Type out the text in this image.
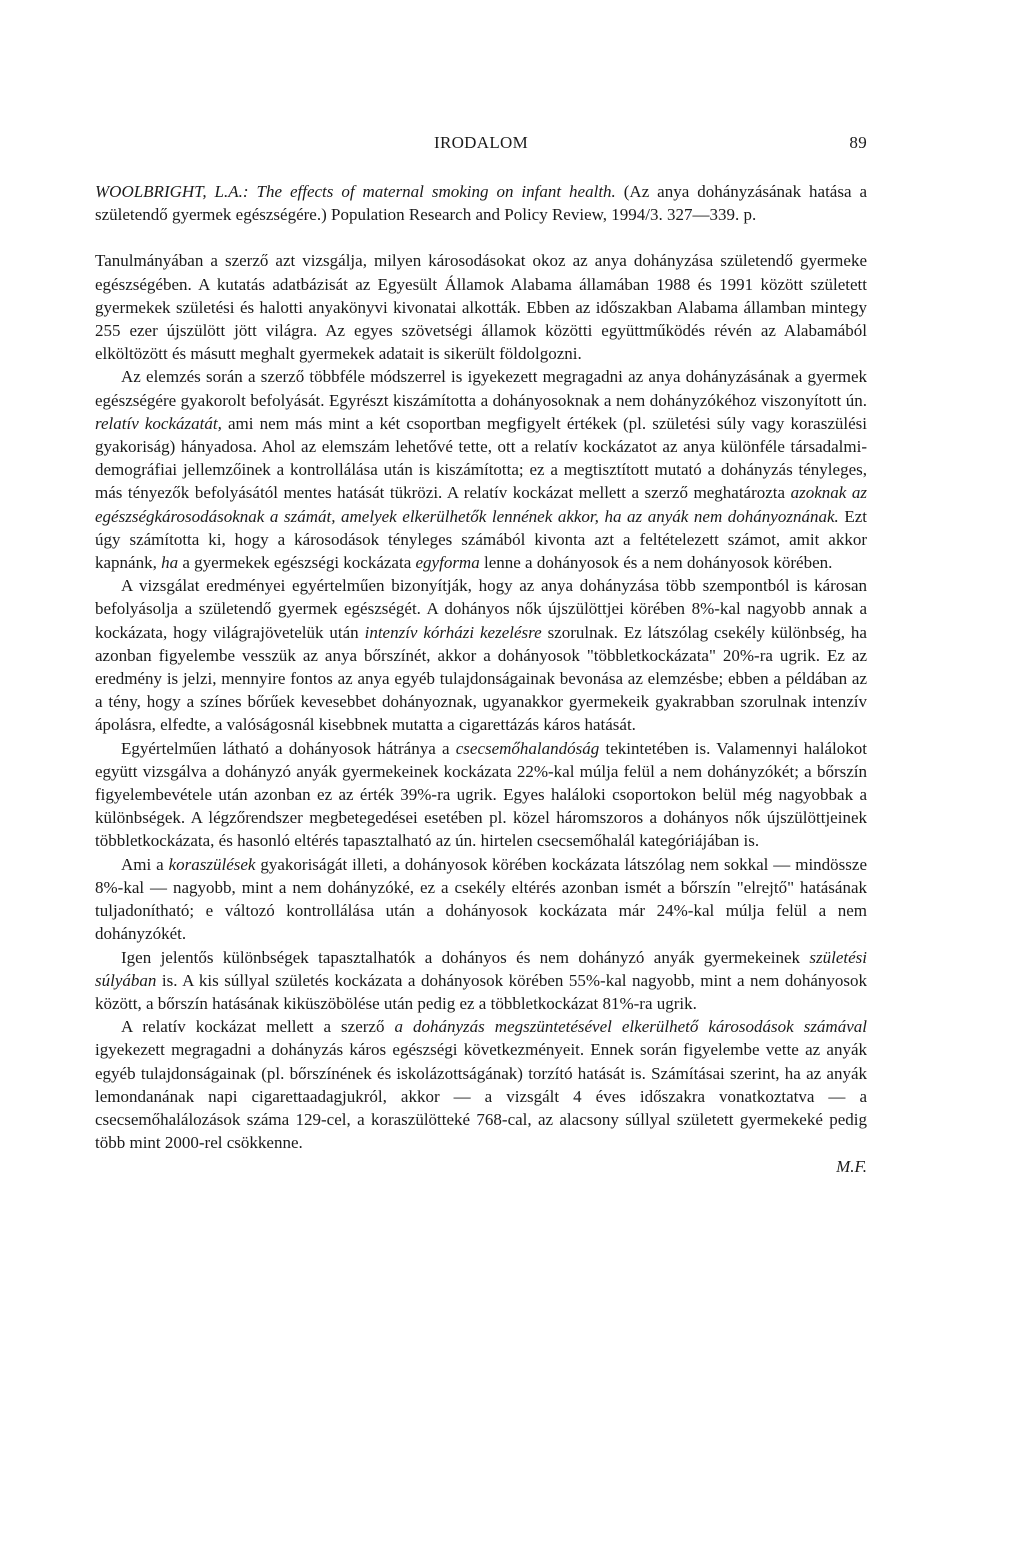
IRODALOM	89

WOOLBRIGHT, L.A.: The effects of maternal smoking on infant health. (Az anya dohányzásának hatása a születendő gyermek egészségére.) Population Research and Policy Review, 1994/3. 327—339. p.

Tanulmányában a szerző azt vizsgálja, milyen károsodásokat okoz az anya dohányzása születendő gyermeke egészségében. A kutatás adatbázisát az Egyesült Államok Alabama államában 1988 és 1991 között született gyermekek születési és halotti anyakönyvi kivonatai alkották. Ebben az időszakban Alabama államban mintegy 255 ezer újszülött jött világra. Az egyes szövetségi államok közötti együttműködés révén az Alabamából elköltözött és másutt meghalt gyermekek adatait is sikerült földolgozni.

Az elemzés során a szerző többféle módszerrel is igyekezett megragadni az anya dohányzásának a gyermek egészségére gyakorolt befolyását. Egyrészt kiszámította a dohányosoknak a nem dohányzókéhoz viszonyított ún. relatív kockázatát, ami nem más mint a két csoportban megfigyelt értékek (pl. születési súly vagy koraszülési gyakoriság) hányadosa. Ahol az elemszám lehetővé tette, ott a relatív kockázatot az anya különféle társadalmi-demográfiai jellemzőinek a kontrollálása után is kiszámította; ez a megtisztított mutató a dohányzás tényleges, más tényezők befolyásától mentes hatását tükrözi. A relatív kockázat mellett a szerző meghatározta azoknak az egészségkárosodásoknak a számát, amelyek elkerülhetők lennének akkor, ha az anyák nem dohányoznának. Ezt úgy számította ki, hogy a károsodások tényleges számából kivonta azt a feltételezett számot, amit akkor kapnánk, ha a gyermekek egészségi kockázata egyforma lenne a dohányosok és a nem dohányosok körében.

A vizsgálat eredményei egyértelműen bizonyítják, hogy az anya dohányzása több szempontból is károsan befolyásolja a születendő gyermek egészségét. A dohányos nők újszülöttjei körében 8%-kal nagyobb annak a kockázata, hogy világrajövetelük után intenzív kórházi kezelésre szorulnak. Ez látszólag csekély különbség, ha azonban figyelembe vesszük az anya bőrszínét, akkor a dohányosok "többletkockázata" 20%-ra ugrik. Ez az eredmény is jelzi, mennyire fontos az anya egyéb tulajdonságainak bevonása az elemzésbe; ebben a példában az a tény, hogy a színes bőrűek kevesebbet dohányoznak, ugyanakkor gyermekeik gyakrabban szorulnak intenzív ápolásra, elfedte, a valóságosnál kisebbnek mutatta a cigarettázás káros hatását.

Egyértelműen látható a dohányosok hátránya a csecsemőhalandóság tekintetében is. Valamennyi halálokot együtt vizsgálva a dohányzó anyák gyermekeinek kockázata 22%-kal múlja felül a nem dohányzókét; a bőrszín figyelembevétele után azonban ez az érték 39%-ra ugrik. Egyes haláloki csoportokon belül még nagyobbak a különbségek. A légzőrendszer megbetegedései esetében pl. közel háromszoros a dohányos nők újszülöttjeinek többletkockázata, és hasonló eltérés tapasztalható az ún. hirtelen csecsemőhalál kategóriájában is.

Ami a koraszülések gyakoriságát illeti, a dohányosok körében kockázata látszólag nem sokkal — mindössze 8%-kal — nagyobb, mint a nem dohányzóké, ez a csekély eltérés azonban ismét a bőrszín "elrejtő" hatásának tuljadonítható; e változó kontrollálása után a dohányosok kockázata már 24%-kal múlja felül a nem dohányzókét.

Igen jelentős különbségek tapasztalhatók a dohányos és nem dohányzó anyák gyermekeinek születési súlyában is. A kis súllyal születés kockázata a dohányosok körében 55%-kal nagyobb, mint a nem dohányosok között, a bőrszín hatásának kiküszöbölése után pedig ez a többletkockázat 81%-ra ugrik.

A relatív kockázat mellett a szerző a dohányzás megszüntetésével elkerülhető károsodások számával igyekezett megragadni a dohányzás káros egészségi következményeit. Ennek során figyelembe vette az anyák egyéb tulajdonságainak (pl. bőrszínének és iskolázottságának) torzító hatását is. Számításai szerint, ha az anyák lemondanának napi cigarettaadagjukról, akkor — a vizsgált 4 éves időszakra vonatkoztatva — a csecsemőhalálozások száma 129-cel, a koraszülötteké 768-cal, az alacsony súllyal született gyermekeké pedig több mint 2000-rel csökkenne.

M.F.
